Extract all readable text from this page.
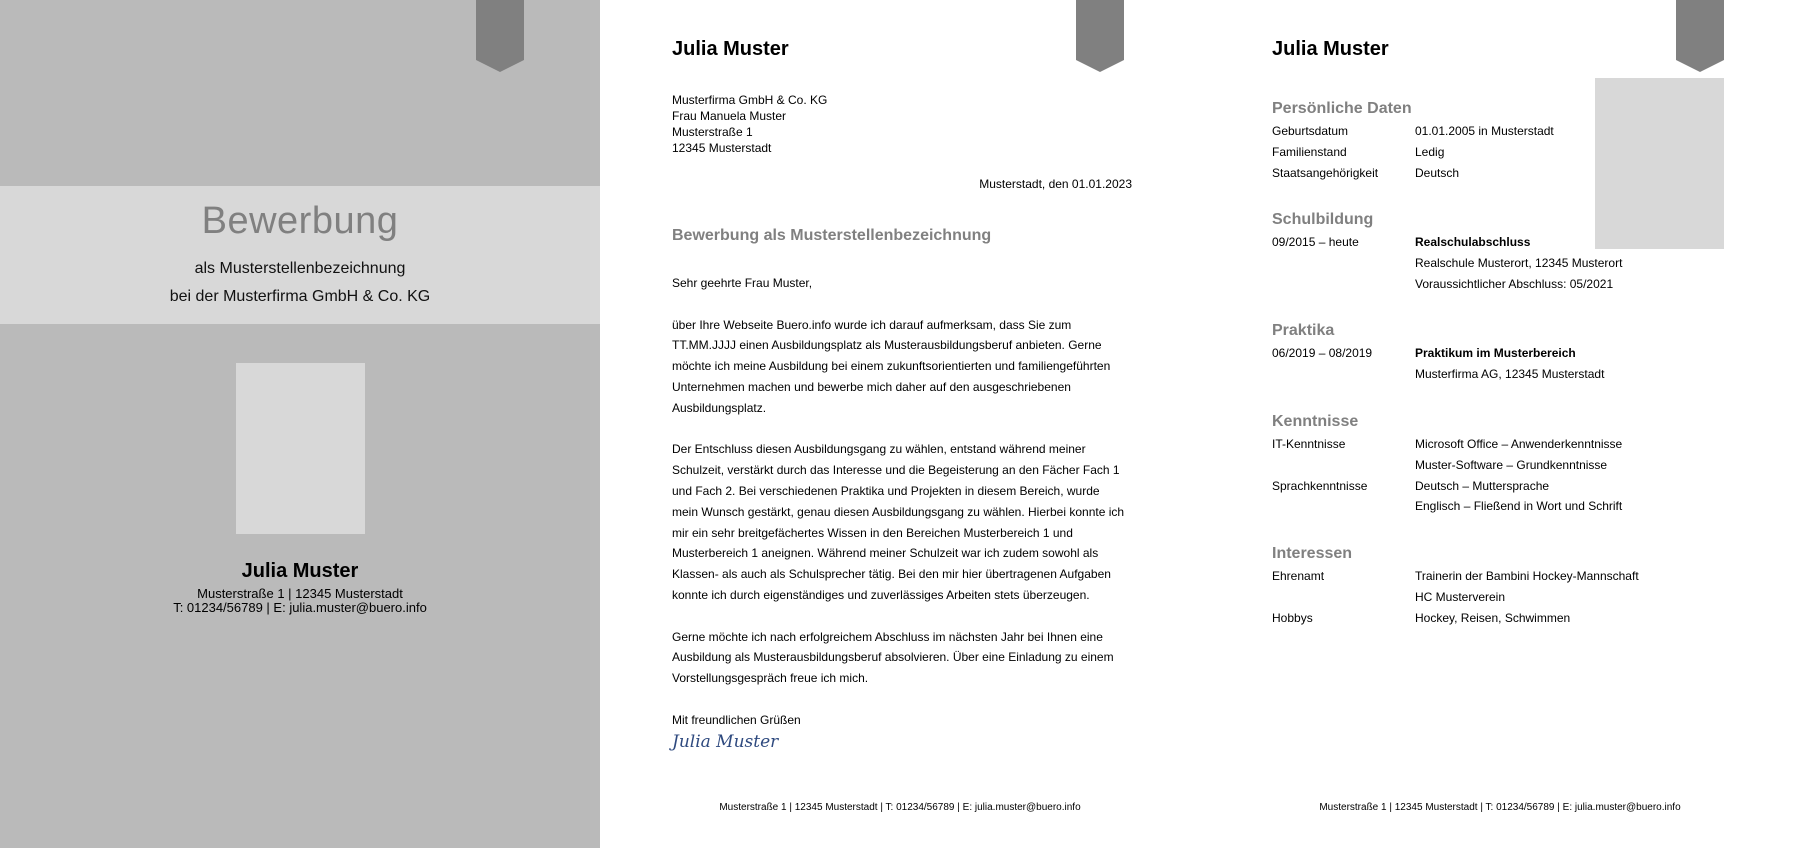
Bewerbung
als Musterstellenbezeichnung
bei der Musterfirma GmbH & Co. KG
Julia Muster
Musterstraße 1 | 12345 Musterstadt
T: 01234/56789 | E: julia.muster@buero.info
Julia Muster
Musterfirma GmbH & Co. KG
Frau Manuela Muster
Musterstraße 1
12345 Musterstadt
Musterstadt, den 01.01.2023
Bewerbung als Musterstellenbezeichnung

Sehr geehrte Frau Muster,

über Ihre Webseite Buero.info wurde ich darauf aufmerksam, dass Sie zum
TT.MM.JJJJ einen Ausbildungsplatz als Musterausbildungsberuf anbieten. Gerne
möchte ich meine Ausbildung bei einem zukunftsorientierten und familiengeführten
Unternehmen machen und bewerbe mich daher auf den ausgeschriebenen
Ausbildungsplatz.

Der Entschluss diesen Ausbildungsgang zu wählen, entstand während meiner
Schulzeit, verstärkt durch das Interesse und die Begeisterung an den Fächer Fach 1
und Fach 2. Bei verschiedenen Praktika und Projekten in diesem Bereich, wurde
mein Wunsch gestärkt, genau diesen Ausbildungsgang zu wählen. Hierbei konnte ich
mir ein sehr breitgefächertes Wissen in den Bereichen Musterbereich 1 und
Musterbereich 1 aneignen. Während meiner Schulzeit war ich zudem sowohl als
Klassen- als auch als Schulsprecher tätig. Bei den mir hier übertragenen Aufgaben
konnte ich durch eigenständiges und zuverlässiges Arbeiten stets überzeugen.

Gerne möchte ich nach erfolgreichem Abschluss im nächsten Jahr bei Ihnen eine
Ausbildung als Musterausbildungsberuf absolvieren. Über eine Einladung zu einem
Vorstellungsgespräch freue ich mich.

Mit freundlichen Grüßen

Julia Muster
Musterstraße 1 | 12345 Musterstadt | T: 01234/56789 | E: julia.muster@buero.info
Julia Muster
Persönliche Daten
Geburtsdatum	01.01.2005 in Musterstadt
Familienstand	Ledig
Staatsangehörigkeit	Deutsch
Schulbildung
09/2015 – heute	Realschulabschluss
Realschule Musterort, 12345 Musterort
Voraussichtlicher Abschluss: 05/2021
Praktika
06/2019 – 08/2019	Praktikum im Musterbereich
Musterfirma AG, 12345 Musterstadt
Kenntnisse
IT-Kenntnisse	Microsoft Office – Anwenderkenntnisse
Muster-Software – Grundkenntnisse
Sprachkenntnisse	Deutsch – Muttersprache
Englisch – Fließend in Wort und Schrift
Interessen
Ehrenamt	Trainerin der Bambini Hockey-Mannschaft
HC Musterverein
Hobbys	Hockey, Reisen, Schwimmen
Musterstraße 1 | 12345 Musterstadt | T: 01234/56789 | E: julia.muster@buero.info
